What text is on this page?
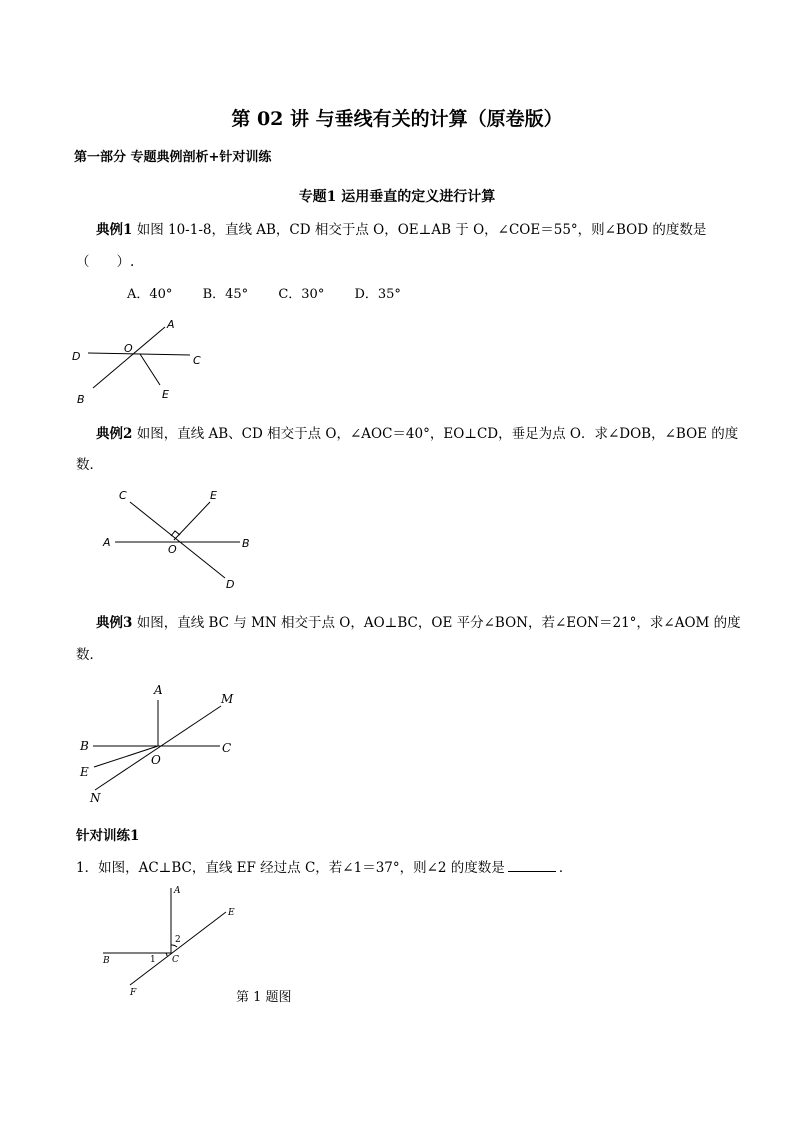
第 02 讲 与垂线有关的计算（原卷版）
第一部分 专题典例剖析+针对训练
专题1 运用垂直的定义进行计算
典例1 如图 10-1-8，直线 AB，CD 相交于点 O，OE⊥AB 于 O，∠COE＝55°，则∠BOD 的度数是
（　　）.
A．40° B．45° C．30° D．35°
A
D
O
C
B	E
C	E
A	B
O
D
A
M
B	C
O
E
N
A
E
2
B	1 C
F
典例2 如图，直线 AB、CD 相交于点 O，∠AOC＝40°，EO⊥CD，垂足为点 O．求∠DOB，∠BOE 的度
数．
典例3 如图，直线 BC 与 MN 相交于点 O，AO⊥BC，OE 平分∠BON，若∠EON＝21°，求∠AOM 的度
数．
针对训练1
1．如图，AC⊥BC，直线 EF 经过点 C，若∠1＝37°，则∠2 的度数是	．
第 1 题图
